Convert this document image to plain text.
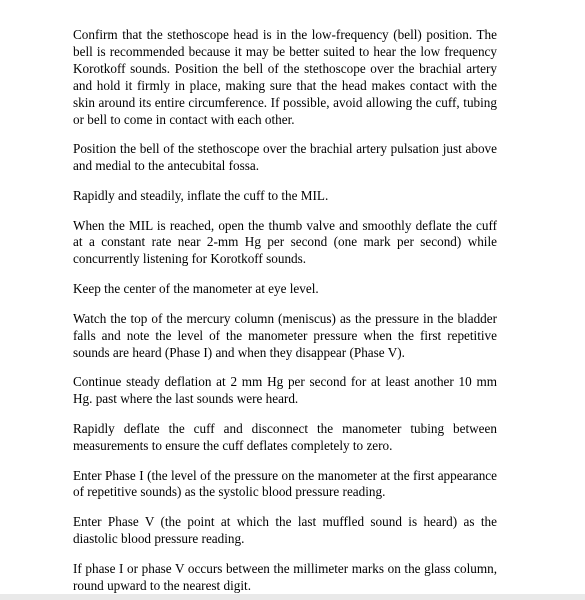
Confirm that the stethoscope head is in the low-frequency (bell) position. The bell is recommended because it may be better suited to hear the low frequency Korotkoff sounds. Position the bell of the stethoscope over the brachial artery and hold it firmly in place, making sure that the head makes contact with the skin around its entire circumference. If possible, avoid allowing the cuff, tubing or bell to come in contact with each other.

Position the bell of the stethoscope over the brachial artery pulsation just above and medial to the antecubital fossa.

Rapidly and steadily, inflate the cuff to the MIL.

When the MIL is reached, open the thumb valve and smoothly deflate the cuff at a constant rate near 2-mm Hg per second (one mark per second) while concurrently listening for Korotkoff sounds.

Keep the center of the manometer at eye level.

Watch the top of the mercury column (meniscus) as the pressure in the bladder falls and note the level of the manometer pressure when the first repetitive sounds are heard (Phase I) and when they disappear (Phase V).

Continue steady deflation at 2 mm Hg per second for at least another 10 mm Hg. past where the last sounds were heard.

Rapidly deflate the cuff and disconnect the manometer tubing between measurements to ensure the cuff deflates completely to zero.

Enter Phase I (the level of the pressure on the manometer at the first appearance of repetitive sounds) as the systolic blood pressure reading.

Enter Phase V (the point at which the last muffled sound is heard) as the diastolic blood pressure reading.

If phase I or phase V occurs between the millimeter marks on the glass column, round upward to the nearest digit.
